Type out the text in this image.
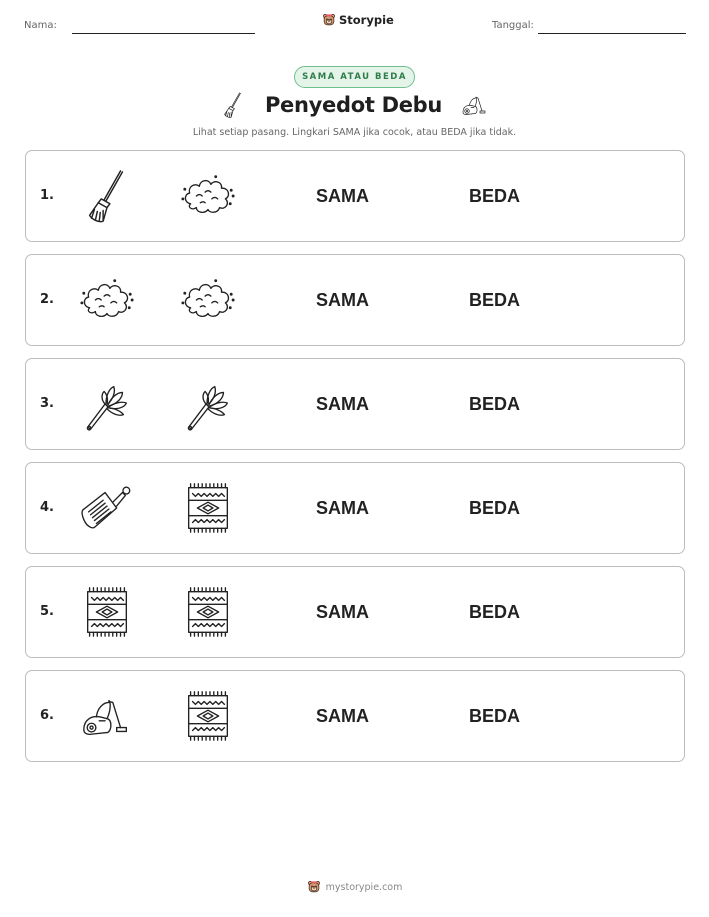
Nama:	Storypie	Tanggal:
SAMA ATAU BEDA
Penyedot Debu
Lihat setiap pasang. Lingkari SAMA jika cocok, atau BEDA jika tidak.
1.	SAMA	BEDA
2.	SAMA	BEDA
3.	SAMA	BEDA
4.	SAMA	BEDA
5.	SAMA	BEDA
6.	SAMA	BEDA
mystorypie.com
